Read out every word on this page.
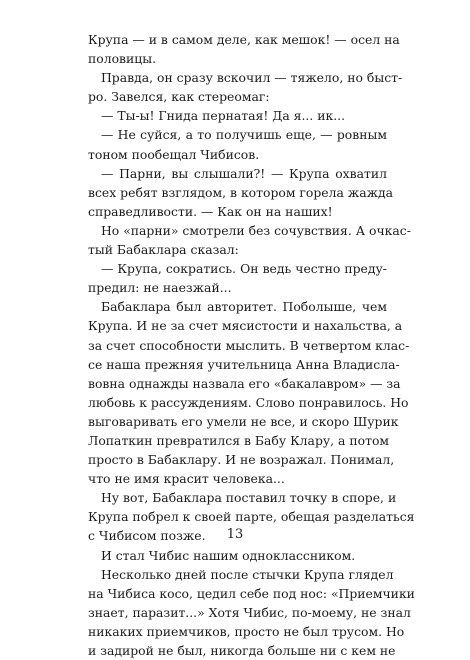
Крупа — и в самом деле, как мешок! — осел на
половицы.
Правда, он сразу вскочил — тяжело, но быст-
ро. Завелся, как стереомаг:
— Ты-ы! Гнида пернатая! Да я... ик...
— Не суйся, а то получишь еще, — ровным
тоном пообещал Чибисов.
— Парни, вы слышали?! — Крупа охватил
всех ребят взглядом, в котором горела жажда
справедливости. — Как он на наших!
Но «парни» смотрели без сочувствия. А очкас-
тый Бабаклара сказал:
— Крупа, сократись. Он ведь честно преду-
предил: не наезжай...
Бабаклара был авторитет. Поболыше, чем
Крупа. И не за счет мясистости и нахальства, а
за счет способности мыслить. В четвертом клас-
се наша прежняя учительница Анна Владисла-
вовна однажды назвала его «бакалавром» — за
любовь к рассуждениям. Слово понравилось. Но
выговаривать его умели не все, и скоро Шурик
Лопаткин превратился в Бабу Клару, а потом
просто в Бабаклару. И не возражал. Понимал,
что не имя красит человека...
Ну вот, Бабаклара поставил точку в споре, и
Крупа побрел к своей парте, обещая разделаться
с Чибисом позже.
И стал Чибис нашим одноклассником.
Несколько дней после стычки Крупа глядел
на Чибиса косо, цедил себе под нос: «Приемчики
знает, паразит...» Хотя Чибис, по-моему, не знал
никаких приемчиков, просто не был трусом. Но
и задирой не был, никогда больше ни с кем не
13
